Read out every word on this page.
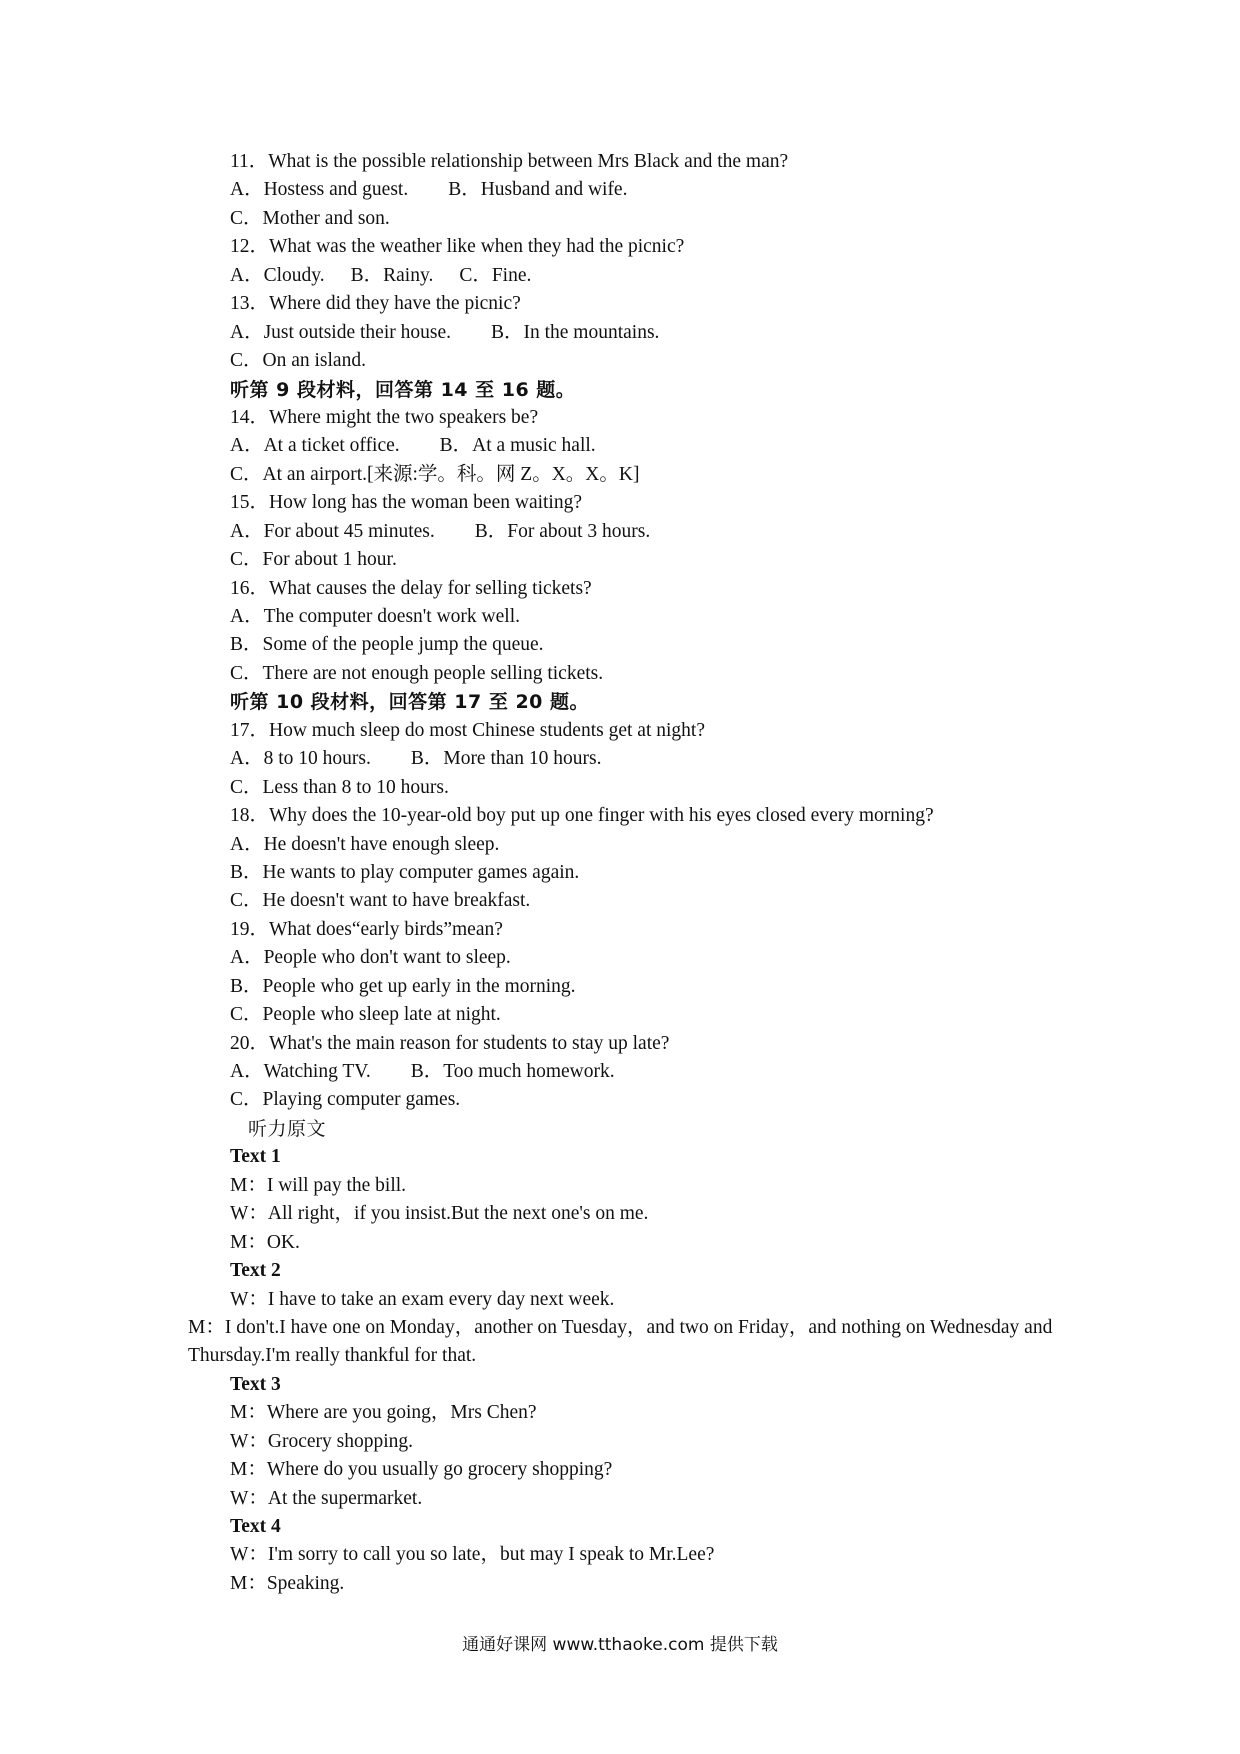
11．What is the possible relationship between Mrs Black and the man?
A．Hostess and guest. B．Husband and wife.
C．Mother and son.
12．What was the weather like when they had the picnic?
A．Cloudy. B．Rainy. C．Fine.
13．Where did they have the picnic?
A．Just outside their house. B．In the mountains.
C．On an island.
听第 9 段材料，回答第 14 至 16 题。
14．Where might the two speakers be?
A．At a ticket office. B．At a music hall.
C．At an airport.[来源:学。科。网 Z。X。X。K]
15．How long has the woman been waiting?
A．For about 45 minutes. B．For about 3 hours.
C．For about 1 hour.
16．What causes the delay for selling tickets?
A．The computer doesn't work well.
B．Some of the people jump the queue.
C．There are not enough people selling tickets.
听第 10 段材料，回答第 17 至 20 题。
17．How much sleep do most Chinese students get at night?
A．8 to 10 hours. B．More than 10 hours.
C．Less than 8 to 10 hours.
18．Why does the 10-year-old boy put up one finger with his eyes closed every morning?
A．He doesn't have enough sleep.
B．He wants to play computer games again.
C．He doesn't want to have breakfast.
19．What does“early birds”mean?
A．People who don't want to sleep.
B．People who get up early in the morning.
C．People who sleep late at night.
20．What's the main reason for students to stay up late?
A．Watching TV. B．Too much homework.
C．Playing computer games.
听力原文
Text 1
M：I will pay the bill.
W：All right，if you insist.But the next one's on me.
M：OK.
Text 2
W：I have to take an exam every day next week.
M：I don't.I have one on Monday，another on Tuesday，and two on Friday，and nothing on Wednesday and Thursday.I'm really thankful for that.
Text 3
M：Where are you going，Mrs Chen?
W：Grocery shopping.
M：Where do you usually go grocery shopping?
W：At the supermarket.
Text 4
W：I'm sorry to call you so late，but may I speak to Mr.Lee?
M：Speaking.
通通好课网 www.tthaoke.com 提供下载
